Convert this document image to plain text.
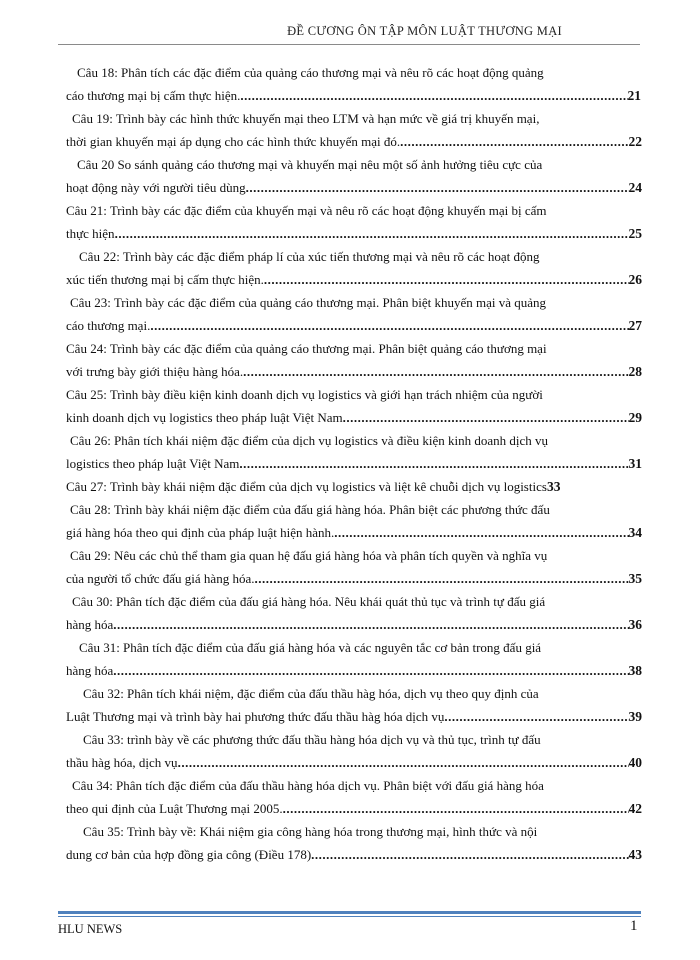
ĐỀ CƯƠNG ÔN TẬP MÔN LUẬT THƯƠNG MẠI
Câu 18: Phân tích các đặc điểm của quảng cáo thương mại và nêu rõ các hoạt động quảng
cáo thương mại bị cấm thực hiện. .....	21
Câu 19: Trình bày các hình thức khuyến mại theo LTM và hạn mức về giá trị khuyến mại,
thời gian khuyến mại áp dụng cho các hình thức khuyến mại đó. .....	22
Câu 20 So sánh quảng cáo thương mại và khuyến mại nêu một số ảnh hưởng tiêu cực của
hoạt động này với người tiêu dùng .....	24
Câu 21: Trình bày các đặc điểm của khuyến mại và nêu rõ các hoạt động khuyến mại bị cấm
thực hiện .....	25
Câu 22: Trình bày các đặc điểm pháp lí của xúc tiến thương mại và nêu rõ các hoạt động
xúc tiến thương mại bị cấm thực hiện. .....	26
Câu 23: Trình bày các đặc điểm của quảng cáo thương mại. Phân biệt khuyến mại và quảng
cáo thương mại. .....	27
Câu 24: Trình bày các đặc điểm của quảng cáo thương mại. Phân biệt quảng cáo thương mại
với trưng bày giới thiệu hàng hóa. .....	28
Câu 25: Trình bày điều kiện kinh doanh dịch vụ logistics và giới hạn trách nhiệm của người
kinh doanh dịch vụ logistics theo pháp luật Việt Nam .....	29
Câu 26: Phân tích khái niệm đặc điểm của dịch vụ logistics và điều kiện kinh doanh dịch vụ
logistics theo pháp luật Việt Nam .....	31
Câu 27: Trình bày khái niệm đặc điểm của dịch vụ logistics và liệt kê chuỗi dịch vụ logistics 33
Câu 28: Trình bày khái niệm đặc điểm của đấu giá hàng hóa. Phân biệt các phương thức đấu
giá hàng hóa theo qui định của pháp luật hiện hành. .....	34
Câu 29: Nêu các chủ thể tham gia quan hệ đấu giá hàng hóa và phân tích quyền và nghĩa vụ
của người tổ chức đấu giá hàng hóa. .....	35
Câu 30: Phân tích đặc điểm của đấu giá hàng hóa. Nêu khái quát thủ tục và trình tự đấu giá
hàng hóa .....	36
Câu 31: Phân tích đặc điểm của đấu giá hàng hóa và các nguyên tắc cơ bản trong đấu giá
hàng hóa .....	38
Câu 32: Phân tích khái niệm, đặc điểm của đấu thầu hàg hóa, dịch vụ theo quy định của
Luật Thương mại và trình bày hai phương thức đấu thầu hàg hóa dịch vụ .....	39
Câu 33: trình bày về các phương thức đấu thầu hàng hóa dịch vụ và thủ tục, trình tự đấu
thầu hàg hóa, dịch vụ .....	40
Câu 34: Phân tích đặc điểm của đấu thầu hàng hóa dịch vụ. Phân biệt với đấu giá hàng hóa
theo qui định của Luật Thương mại 2005. .....	42
Câu 35: Trình bày về: Khái niệm gia công hàng hóa trong thương mại, hình thức và nội
dung cơ bản của hợp đồng gia công (Điều 178) .....	43
HLU NEWS	1
